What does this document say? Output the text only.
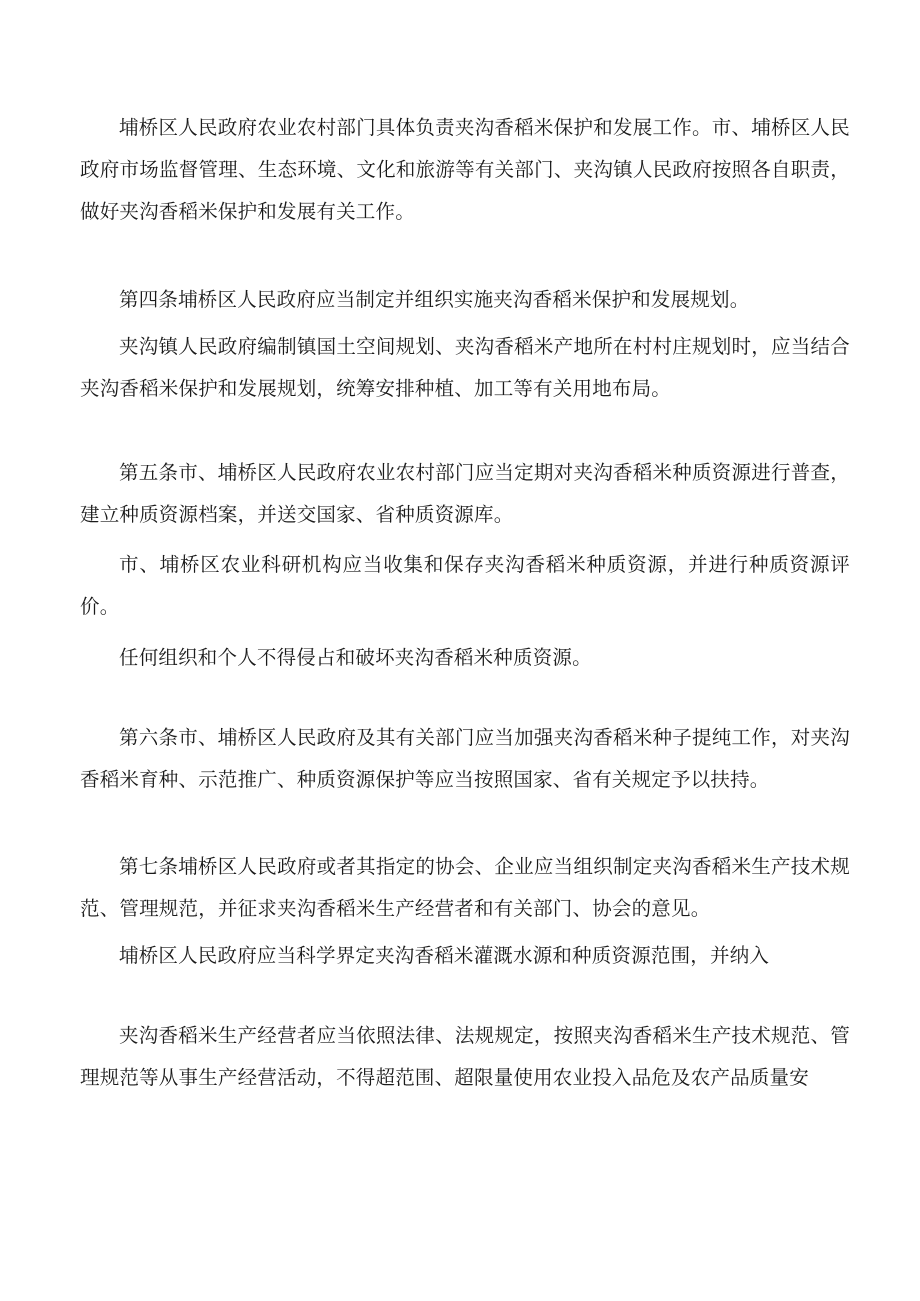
埔桥区人民政府农业农村部门具体负责夹沟香稻米保护和发展工作。市、埔桥区人民政府市场监督管理、生态环境、文化和旅游等有关部门、夹沟镇人民政府按照各自职责，做好夹沟香稻米保护和发展有关工作。

第四条埔桥区人民政府应当制定并组织实施夹沟香稻米保护和发展规划。

夹沟镇人民政府编制镇国土空间规划、夹沟香稻米产地所在村村庄规划时，应当结合夹沟香稻米保护和发展规划，统筹安排种植、加工等有关用地布局。

第五条市、埔桥区人民政府农业农村部门应当定期对夹沟香稻米种质资源进行普查，建立种质资源档案，并送交国家、省种质资源库。

市、埔桥区农业科研机构应当收集和保存夹沟香稻米种质资源，并进行种质资源评价。

任何组织和个人不得侵占和破坏夹沟香稻米种质资源。

第六条市、埔桥区人民政府及其有关部门应当加强夹沟香稻米种子提纯工作，对夹沟香稻米育种、示范推广、种质资源保护等应当按照国家、省有关规定予以扶持。

第七条埔桥区人民政府或者其指定的协会、企业应当组织制定夹沟香稻米生产技术规范、管理规范，并征求夹沟香稻米生产经营者和有关部门、协会的意见。

埔桥区人民政府应当科学界定夹沟香稻米灌溉水源和种质资源范围，并纳入

夹沟香稻米生产经营者应当依照法律、法规规定，按照夹沟香稻米生产技术规范、管理规范等从事生产经营活动，不得超范围、超限量使用农业投入品危及农产品质量安
